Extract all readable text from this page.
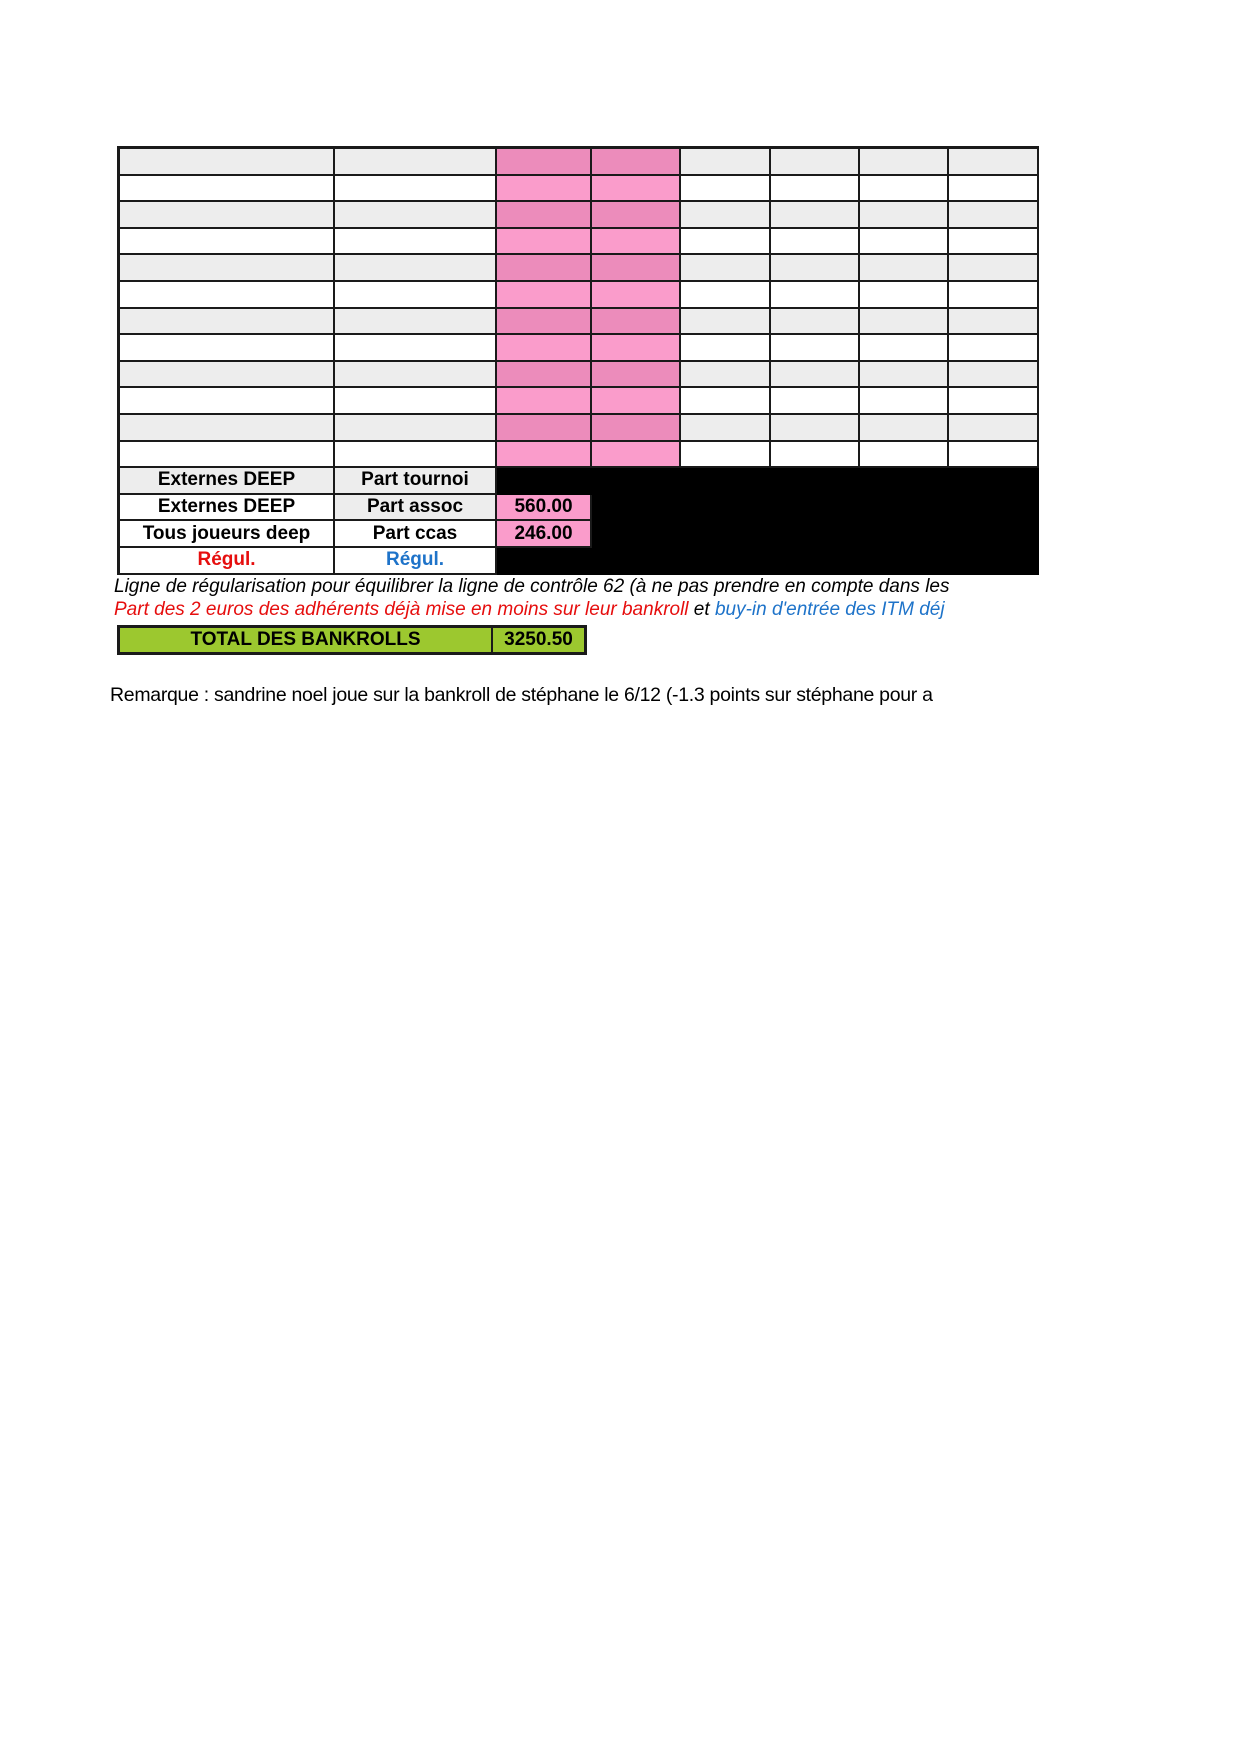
Externes DEEP	Part tournoi
Externes DEEP	Part assoc	560.00
Tous joueurs deep	Part ccas	246.00
Régul.	Régul.
Ligne de régularisation pour équilibrer la ligne de contrôle 62 (à ne pas prendre en compte dans les
Part des 2 euros des adhérents déjà mise en moins sur leur bankroll et buy-in d'entrée des ITM déj
TOTAL DES BANKROLLS	3250.50
Remarque : sandrine noel joue sur la bankroll de stéphane le 6/12 (-1.3 points sur stéphane pour a
